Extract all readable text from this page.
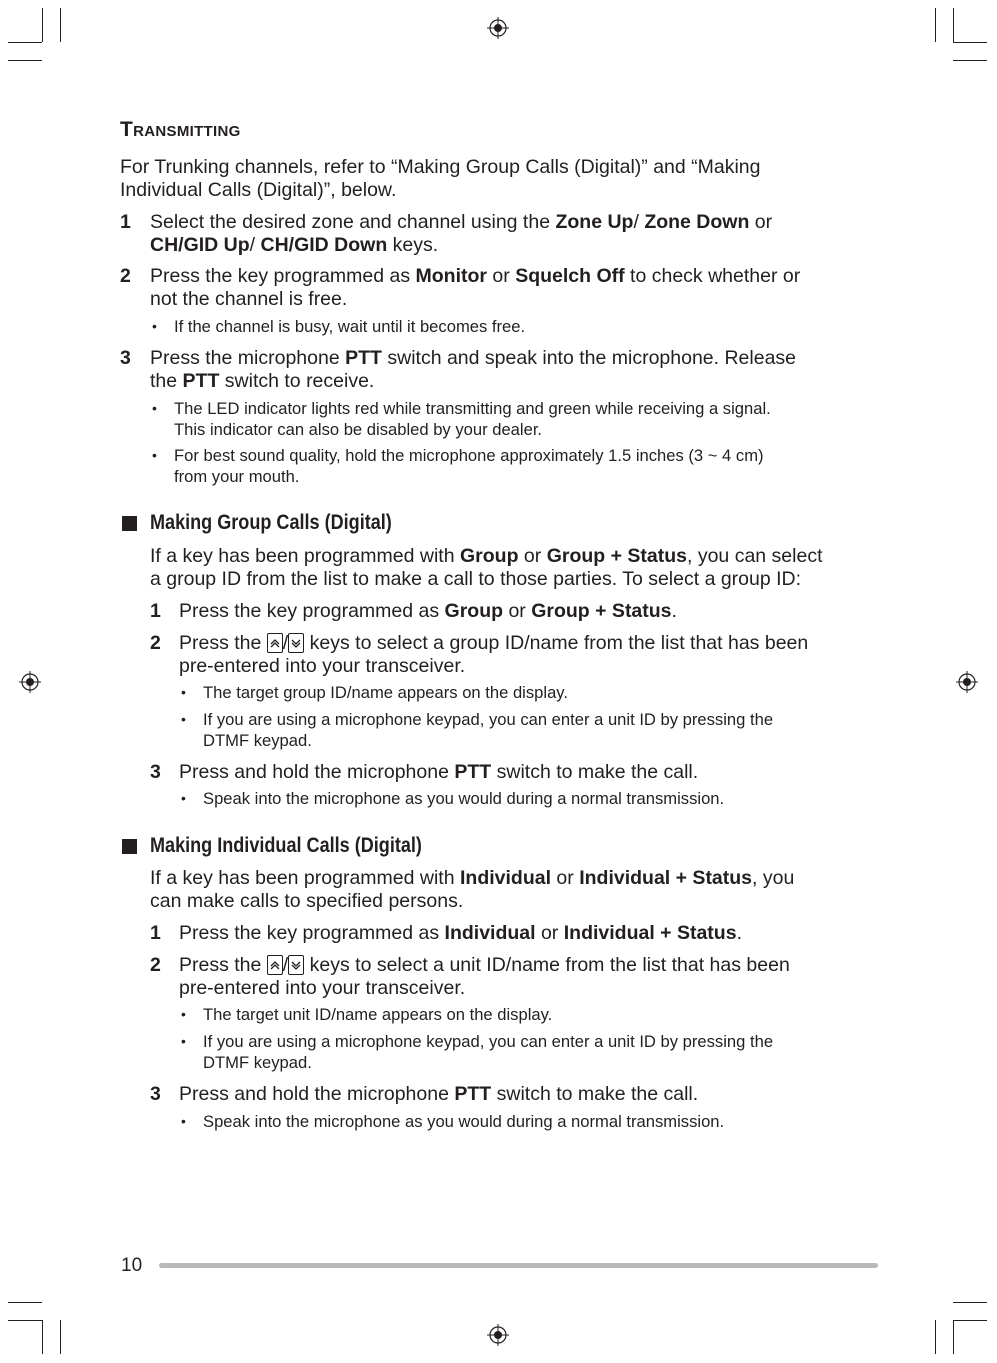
Transmitting
For Trunking channels, refer to “Making Group Calls (Digital)” and “Making
Individual Calls (Digital)”, below.
1 Select the desired zone and channel using the Zone Up/ Zone Down or
CH/GID Up/ CH/GID Down keys.
2 Press the key programmed as Monitor or Squelch Off to check whether or
not the channel is free.
• If the channel is busy, wait until it becomes free.
3 Press the microphone PTT switch and speak into the microphone. Release
the PTT switch to receive.
• The LED indicator lights red while transmitting and green while receiving a signal.
This indicator can also be disabled by your dealer.
• For best sound quality, hold the microphone approximately 1.5 inches (3 ~ 4 cm)
from your mouth.
Making Group Calls (Digital)
If a key has been programmed with Group or Group + Status, you can select
a group ID from the list to make a call to those parties. To select a group ID:
1 Press the key programmed as Group or Group + Status.
2 Press the
/
keys to select a group ID/name from the list that has been
pre-entered into your transceiver.
• The target group ID/name appears on the display.
• If you are using a microphone keypad, you can enter a unit ID by pressing the
DTMF keypad.
3 Press and hold the microphone PTT switch to make the call.
• Speak into the microphone as you would during a normal transmission.
Making Individual Calls (Digital)
If a key has been programmed with Individual or Individual + Status, you
can make calls to specified persons.
1 Press the key programmed as Individual or Individual + Status.
2 Press the
/
keys to select a unit ID/name from the list that has been
pre-entered into your transceiver.
• The target unit ID/name appears on the display.
• If you are using a microphone keypad, you can enter a unit ID by pressing the
DTMF keypad.
3 Press and hold the microphone PTT switch to make the call.
• Speak into the microphone as you would during a normal transmission.
10
